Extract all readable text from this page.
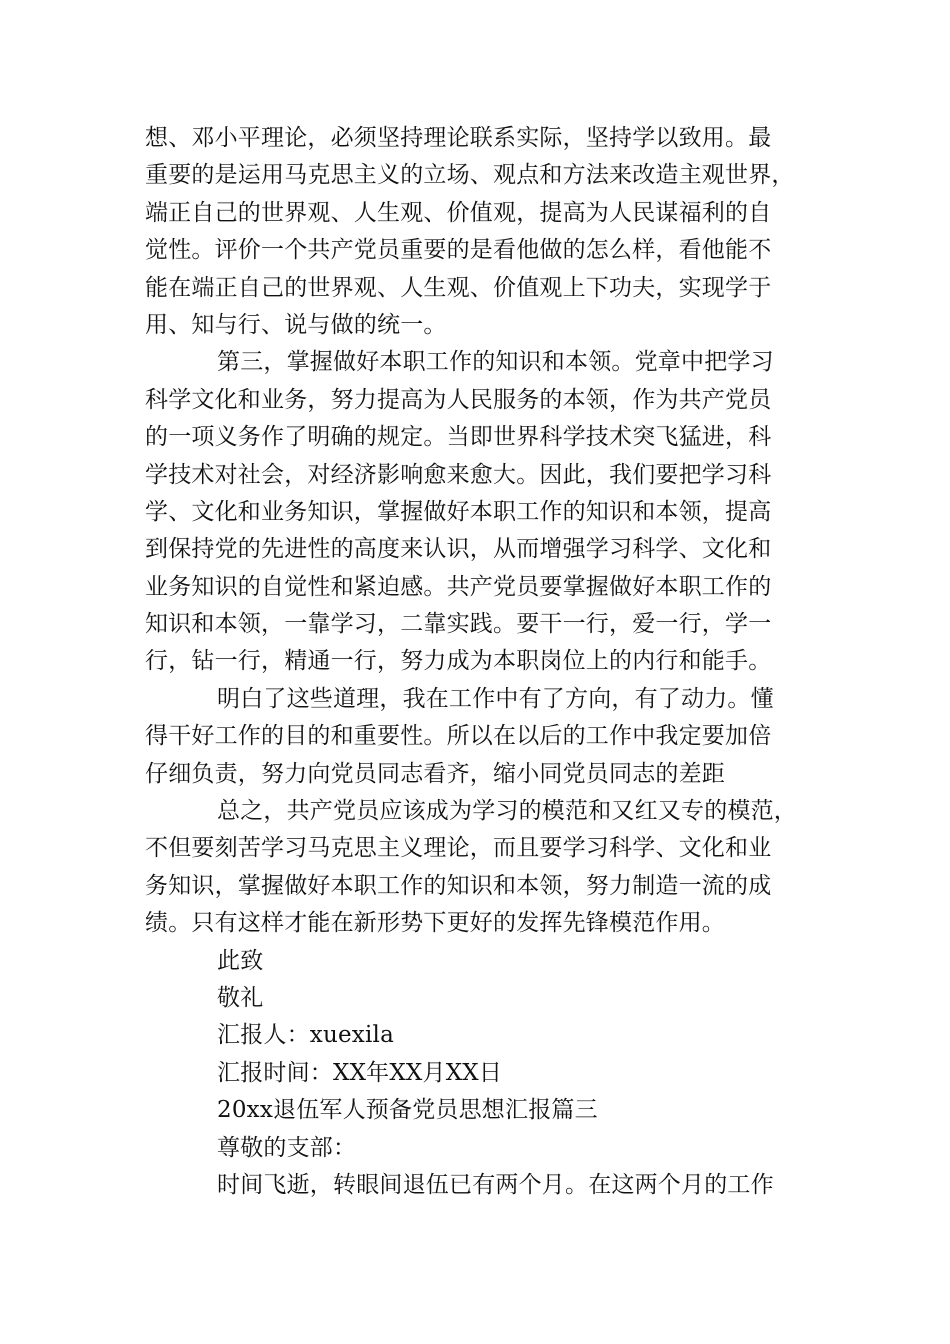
想、邓小平理论，必须坚持理论联系实际，坚持学以致用。最
重要的是运用马克思主义的立场、观点和方法来改造主观世界，
端正自己的世界观、人生观、价值观，提高为人民谋福利的自
觉性。评价一个共产党员重要的是看他做的怎么样，看他能不
能在端正自己的世界观、人生观、价值观上下功夫，实现学于
用、知与行、说与做的统一。
第三，掌握做好本职工作的知识和本领。党章中把学习
科学文化和业务，努力提高为人民服务的本领，作为共产党员
的一项义务作了明确的规定。当即世界科学技术突飞猛进，科
学技术对社会，对经济影响愈来愈大。因此，我们要把学习科
学、文化和业务知识，掌握做好本职工作的知识和本领，提高
到保持党的先进性的高度来认识，从而增强学习科学、文化和
业务知识的自觉性和紧迫感。共产党员要掌握做好本职工作的
知识和本领，一靠学习，二靠实践。要干一行，爱一行，学一
行，钻一行，精通一行，努力成为本职岗位上的内行和能手。
明白了这些道理，我在工作中有了方向，有了动力。懂
得干好工作的目的和重要性。所以在以后的工作中我定要加倍
仔细负责，努力向党员同志看齐，缩小同党员同志的差距
总之，共产党员应该成为学习的模范和又红又专的模范，
不但要刻苦学习马克思主义理论，而且要学习科学、文化和业
务知识，掌握做好本职工作的知识和本领，努力制造一流的成
绩。只有这样才能在新形势下更好的发挥先锋模范作用。
此致
敬礼
汇报人：xuexila
汇报时间：XX年XX月XX日
20xx退伍军人预备党员思想汇报篇三
尊敬的支部：
时间飞逝，转眼间退伍已有两个月。在这两个月的工作
